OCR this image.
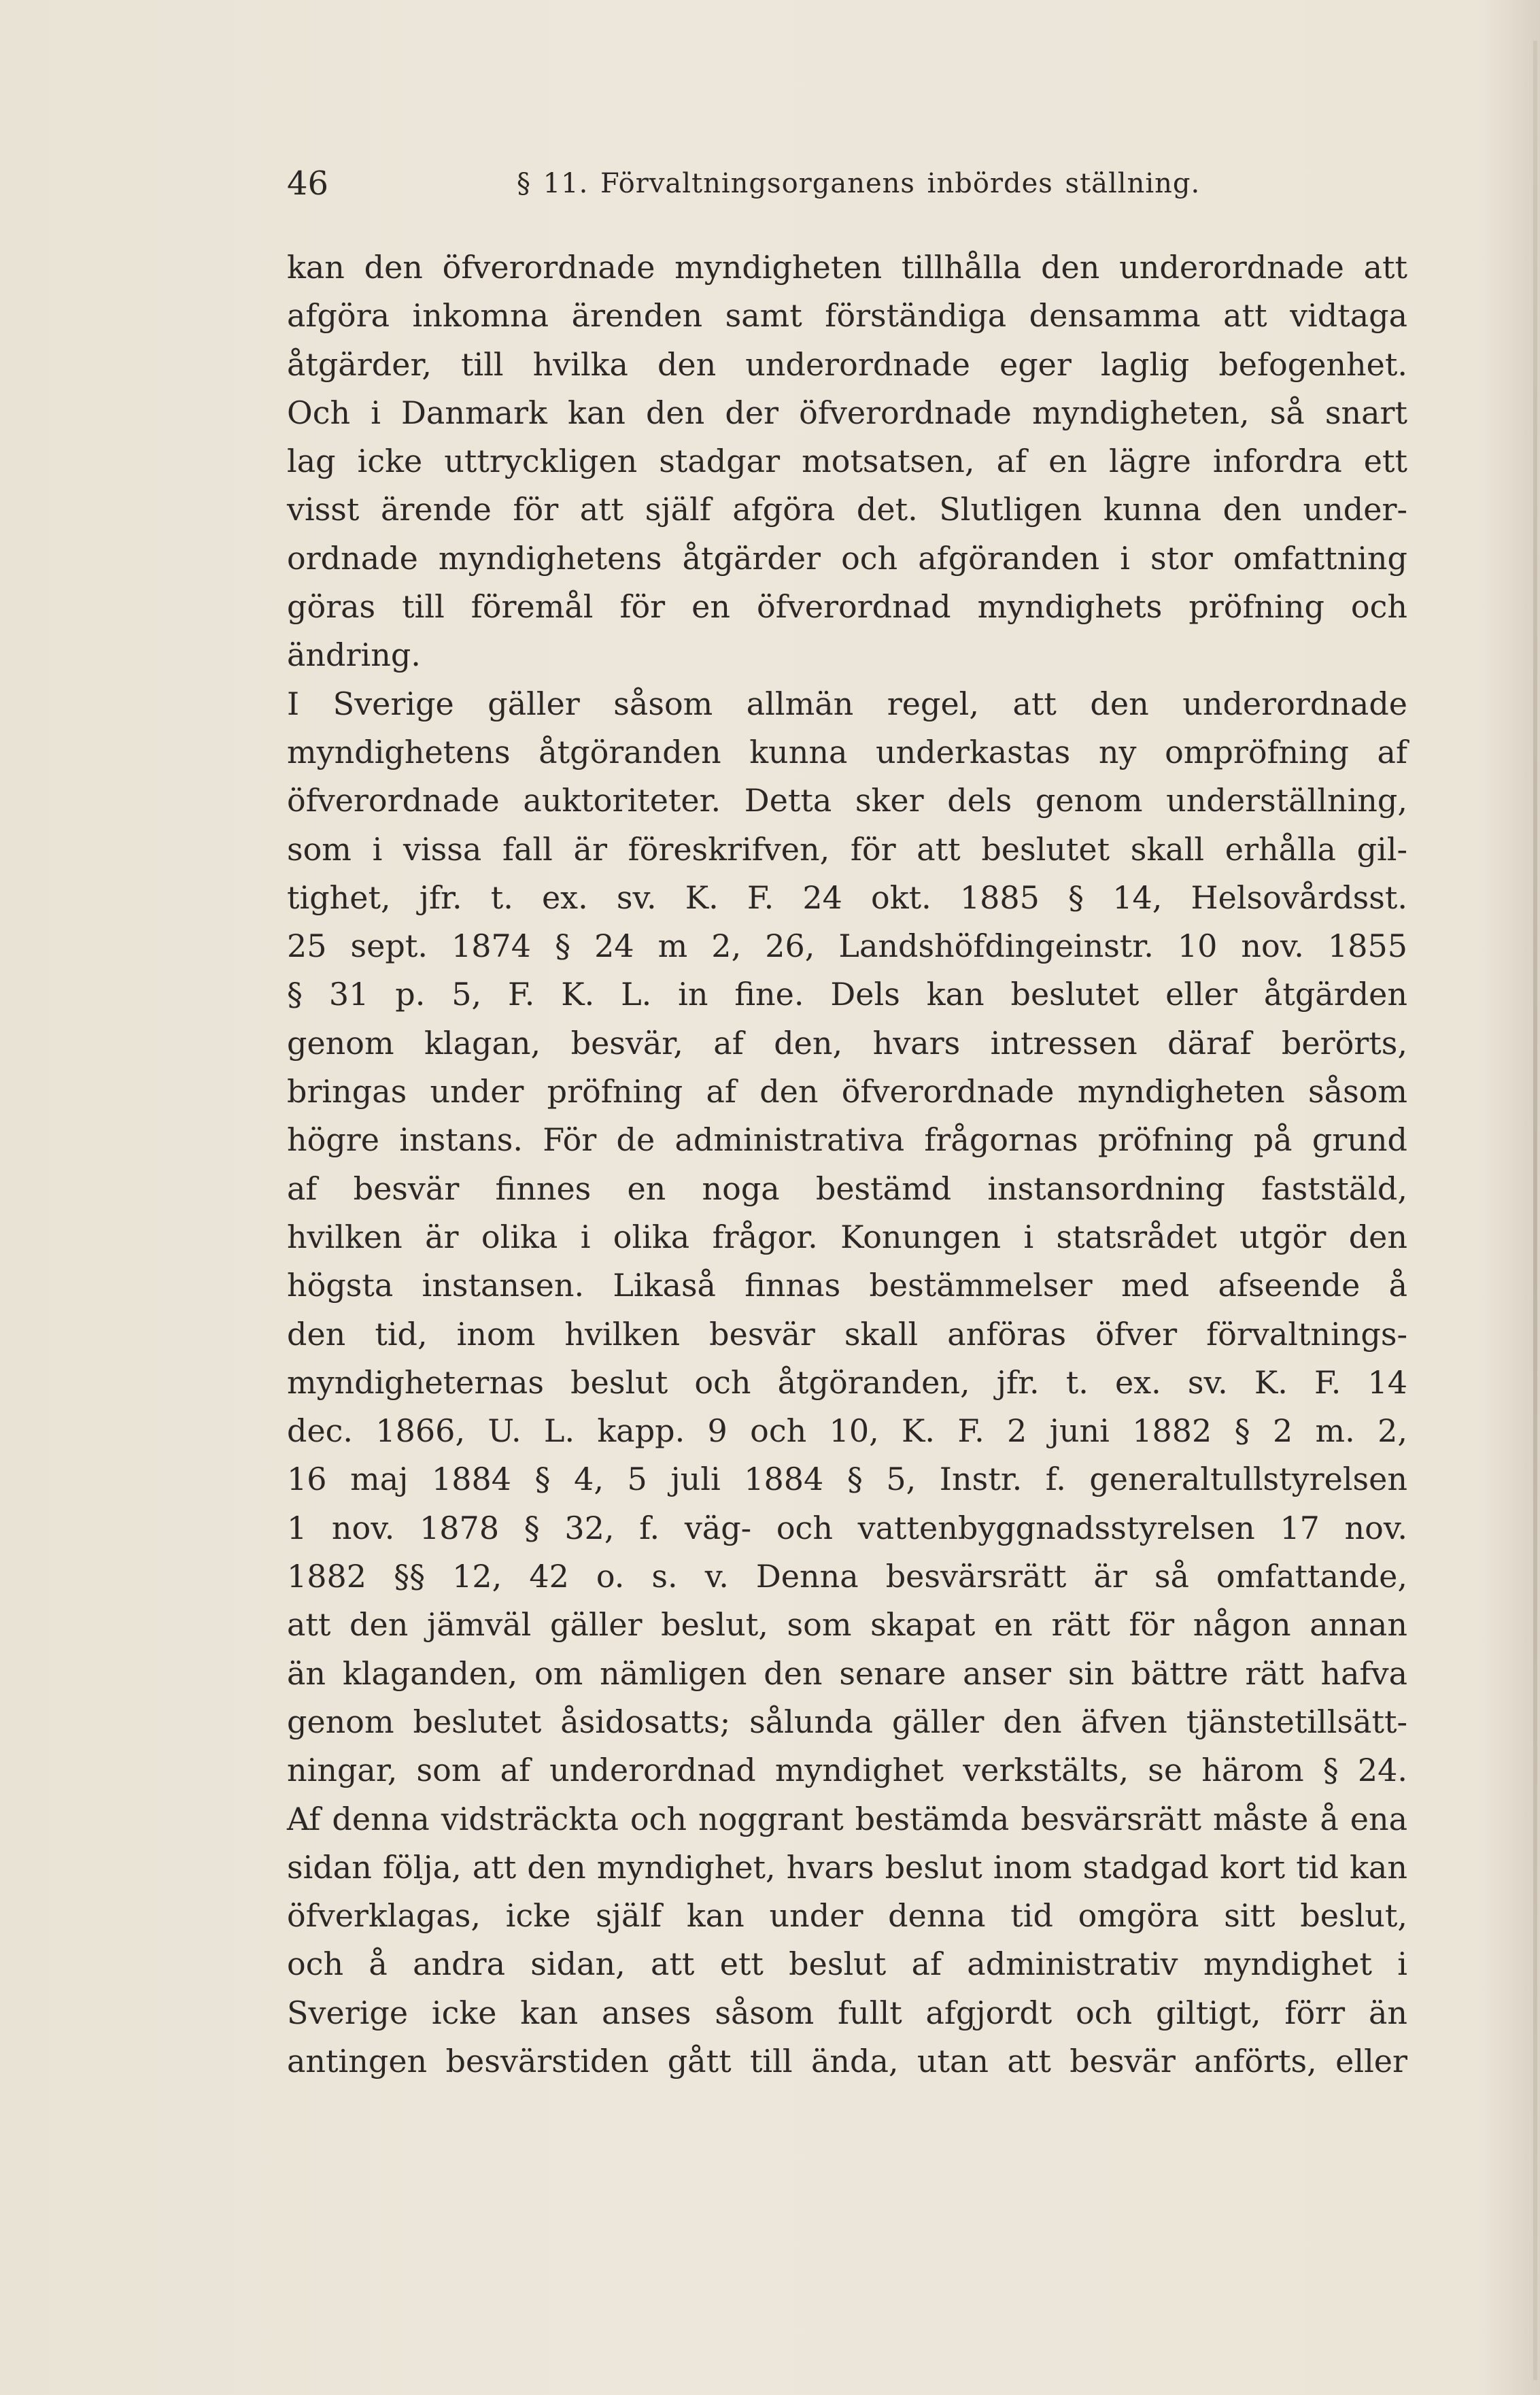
46	§ 11. Förvaltningsorganens inbördes ställning.
kan den öfverordnade myndigheten tillhålla den underordnade att
afgöra inkomna ärenden samt förständiga densamma att vidtaga
åtgärder, till hvilka den underordnade eger laglig befogenhet.
Och i Danmark kan den der öfverordnade myndigheten, så snart
lag icke uttryckligen stadgar motsatsen, af en lägre infordra ett
visst ärende för att själf afgöra det. Slutligen kunna den under-
ordnade myndighetens åtgärder och afgöranden i stor omfattning
göras till föremål för en öfverordnad myndighets pröfning och
ändring.
I Sverige gäller såsom allmän regel, att den underordnade
myndighetens åtgöranden kunna underkastas ny ompröfning af
öfverordnade auktoriteter. Detta sker dels genom underställning,
som i vissa fall är föreskrifven, för att beslutet skall erhålla gil-
tighet, jfr. t. ex. sv. K. F. 24 okt. 1885 § 14, Helsovårdsst.
25 sept. 1874 § 24 m 2, 26, Landshöfdingeinstr. 10 nov. 1855
§ 31 p. 5, F. K. L. in fine. Dels kan beslutet eller åtgärden
genom klagan, besvär, af den, hvars intressen däraf berörts,
bringas under pröfning af den öfverordnade myndigheten såsom
högre instans. För de administrativa frågornas pröfning på grund
af besvär finnes en noga bestämd instansordning faststäld,
hvilken är olika i olika frågor. Konungen i statsrådet utgör den
högsta instansen. Likaså finnas bestämmelser med afseende å
den tid, inom hvilken besvär skall anföras öfver förvaltnings-
myndigheternas beslut och åtgöranden, jfr. t. ex. sv. K. F. 14
dec. 1866, U. L. kapp. 9 och 10, K. F. 2 juni 1882 § 2 m. 2,
16 maj 1884 § 4, 5 juli 1884 § 5, Instr. f. generaltullstyrelsen
1 nov. 1878 § 32, f. väg- och vattenbyggnadsstyrelsen 17 nov.
1882 §§ 12, 42 o. s. v. Denna besvärsrätt är så omfattande,
att den jämväl gäller beslut, som skapat en rätt för någon annan
än klaganden, om nämligen den senare anser sin bättre rätt hafva
genom beslutet åsidosatts; sålunda gäller den äfven tjänstetillsätt-
ningar, som af underordnad myndighet verkstälts, se härom § 24.
Af denna vidsträckta och noggrant bestämda besvärsrätt måste å ena
sidan följa, att den myndighet, hvars beslut inom stadgad kort tid kan
öfverklagas, icke själf kan under denna tid omgöra sitt beslut,
och å andra sidan, att ett beslut af administrativ myndighet i
Sverige icke kan anses såsom fullt afgjordt och giltigt, förr än
antingen besvärstiden gått till ända, utan att besvär anförts, eller
